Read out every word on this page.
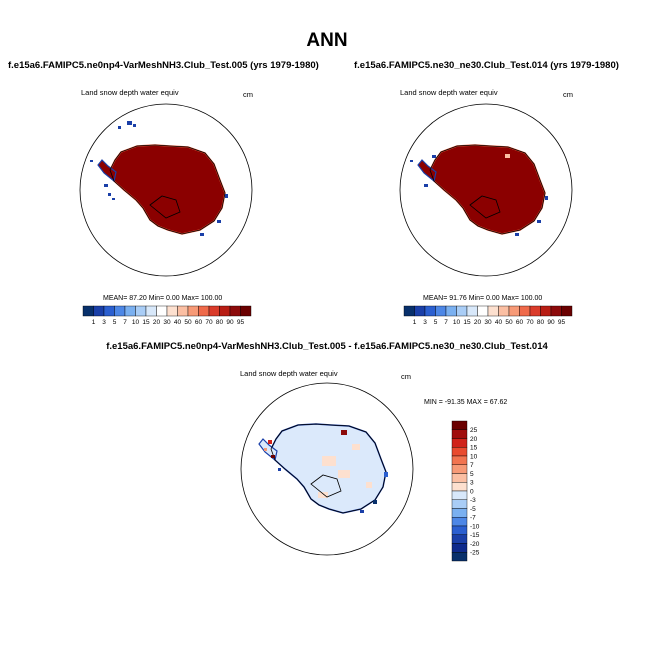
ANN
f.e15a6.FAMIPC5.ne0np4-VarMeshNH3.Club_Test.005 (yrs 1979-1980)	f.e15a6.FAMIPC5.ne30_ne30.Club_Test.014 (yrs 1979-1980)
f.e15a6.FAMIPC5.ne0np4-VarMeshNH3.Club_Test.005 - f.e15a6.FAMIPC5.ne30_ne30.Club_Test.014
Land snow depth water equiv	cm	Land snow depth water equiv	cm
Land snow depth water equiv	cm
MEAN= 87.20 Min= 0.00 Max= 100.00	MEAN= 91.76 Min= 0.00 Max= 100.00
MIN = -91.35 MAX = 67.62
1 3 5 7 10 15 20 30 40 50 60 70 80 90 95	1 3 5 7 10 15 20 30 40 50 60 70 80 90 95
25
20
15
10
7
5
3
0
-3
-5
-7
-10
-15
-20
-25
